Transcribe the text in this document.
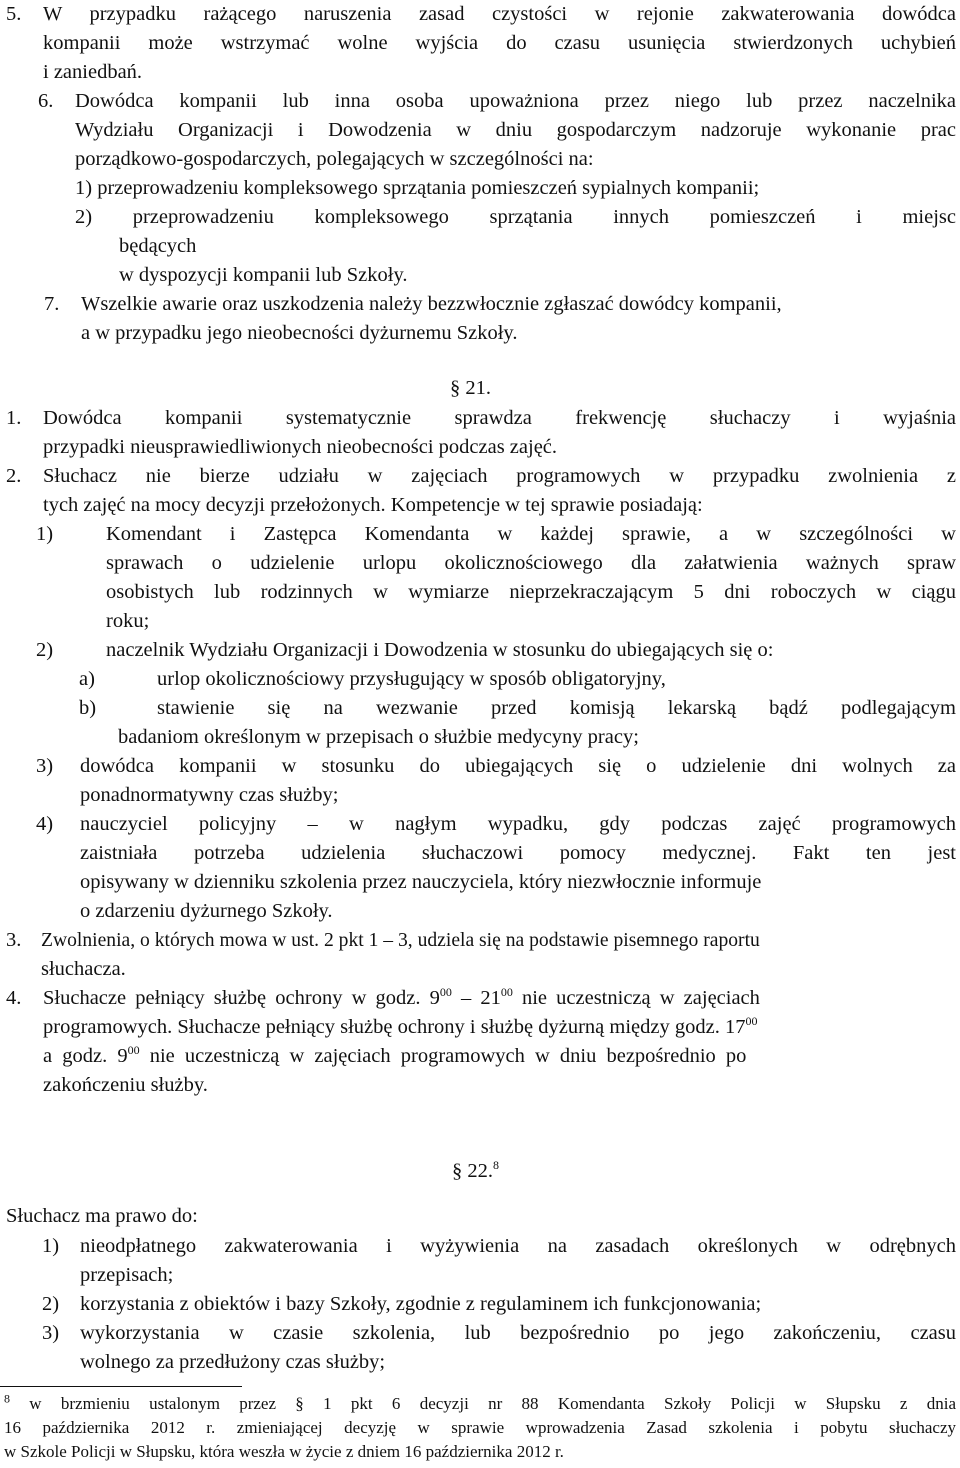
5. W przypadku rażącego naruszenia zasad czystości w rejonie zakwaterowania dowódca
kompanii może wstrzymać wolne wyjścia do czasu usunięcia stwierdzonych uchybień
i zaniedbań.
6. Dowódca kompanii lub inna osoba upoważniona przez niego lub przez naczelnika
Wydziału Organizacji i Dowodzenia w dniu gospodarczym nadzoruje wykonanie prac
porządkowo-gospodarczych, polegających w szczególności na:
1) przeprowadzeniu kompleksowego sprzątania pomieszczeń sypialnych kompanii;
2) przeprowadzeniu kompleksowego sprzątania innych pomieszczeń i miejsc
będących
w dyspozycji kompanii lub Szkoły.
7. Wszelkie awarie oraz uszkodzenia należy bezzwłocznie zgłaszać dowódcy kompanii,
a w przypadku jego nieobecności dyżurnemu Szkoły.
§ 21.
1. Dowódca kompanii systematycznie sprawdza frekwencję słuchaczy i wyjaśnia
przypadki nieusprawiedliwionych nieobecności podczas zajęć.
2. Słuchacz nie bierze udziału w zajęciach programowych w przypadku zwolnienia z
tych zajęć na mocy decyzji przełożonych. Kompetencje w tej sprawie posiadają:
1)	Komendant i Zastępca Komendanta w każdej sprawie, a w szczególności w
sprawach o udzielenie urlopu okolicznościowego dla załatwienia ważnych spraw
osobistych lub rodzinnych w wymiarze nieprzekraczającym 5 dni roboczych w ciągu
roku;
2)	naczelnik Wydziału Organizacji i Dowodzenia w stosunku do ubiegających się o:
a)	urlop okolicznościowy przysługujący w sposób obligatoryjny,
b)	stawienie się na wezwanie przed komisją lekarską bądź podlegającym
badaniom określonym w przepisach o służbie medycyny pracy;
3) dowódca kompanii w stosunku do ubiegających się o udzielenie dni wolnych za
ponadnormatywny czas służby;
4) nauczyciel policyjny – w nagłym wypadku, gdy podczas zajęć programowych
zaistniała potrzeba udzielenia słuchaczowi pomocy medycznej. Fakt ten jest
opisywany w dzienniku szkolenia przez nauczyciela, który niezwłocznie informuje
o zdarzeniu dyżurnego Szkoły.
3. Zwolnienia, o których mowa w ust. 2 pkt 1 – 3, udziela się na podstawie pisemnego raportu
słuchacza.
4. Słuchacze pełniący służbę ochrony w godz. $9^{00} - 21^{00}$ nie uczestniczą w zajęciach
programowych. Słuchacze pełniący służbę ochrony i służbę dyżurną między godz. $17^{00}$
a godz. $9^{00}$ nie uczestniczą w zajęciach programowych w dniu bezpośrednio po
zakończeniu służby.
§ 22.$^8$
Słuchacz ma prawo do:
1) nieodpłatnego zakwaterowania i wyżywienia na zasadach określonych w odrębnych
przepisach;
2) korzystania z obiektów i bazy Szkoły, zgodnie z regulaminem ich funkcjonowania;
3) wykorzystania w czasie szkolenia, lub bezpośrednio po jego zakończeniu, czasu
wolnego za przedłużony czas służby;
$^8$ w brzmieniu ustalonym przez § 1 pkt 6 decyzji nr 88 Komendanta Szkoły Policji w Słupsku z dnia
16 października 2012 r. zmieniającej decyzję w sprawie wprowadzenia Zasad szkolenia i pobytu słuchaczy
w Szkole Policji w Słupsku, która weszła w życie z dniem 16 października 2012 r.
